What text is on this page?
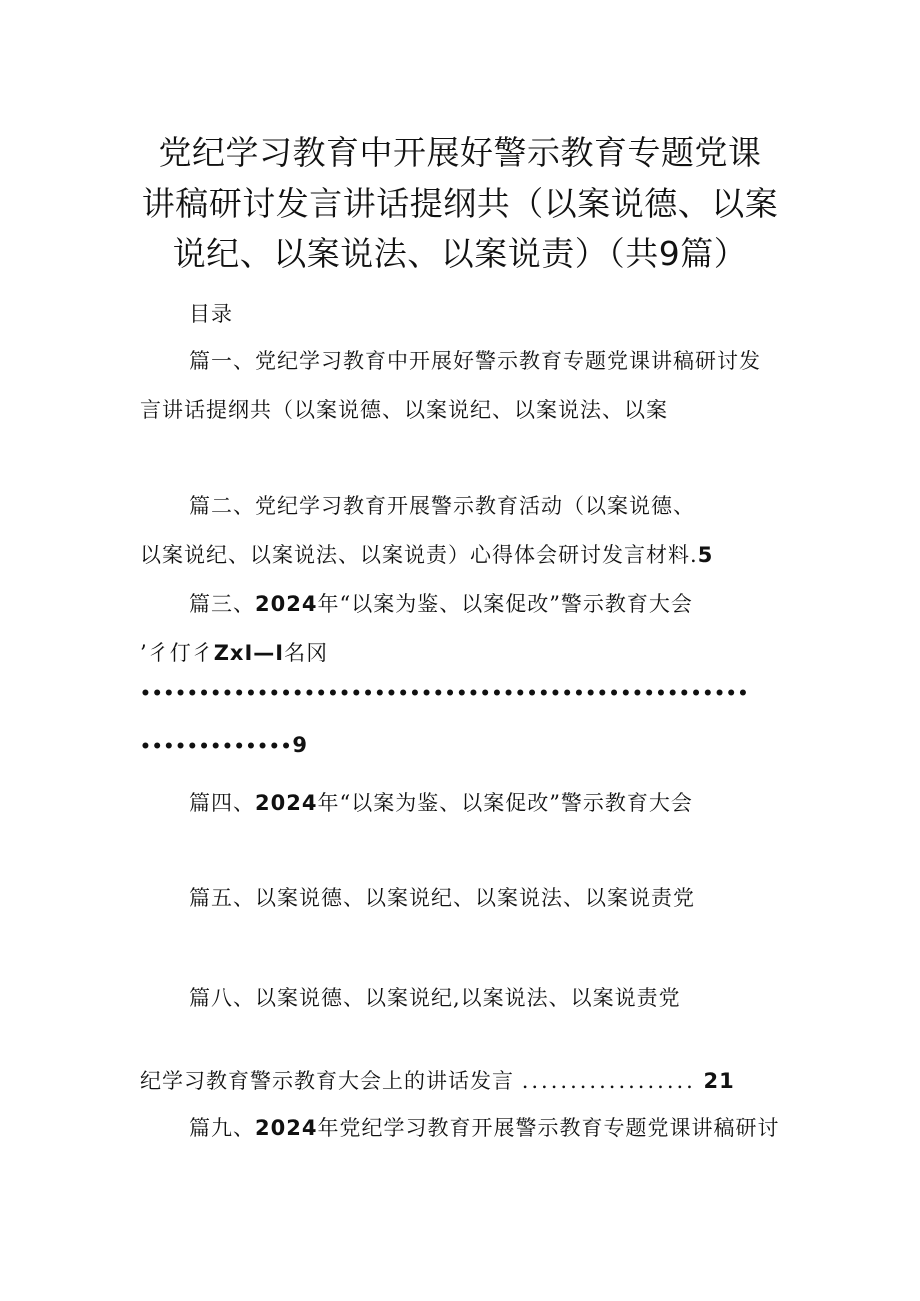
党纪学习教育中开展好警示教育专题党课
讲稿研讨发言讲话提纲共（以案说德、以案
说纪、以案说法、以案说责）（共9篇）
目录
篇一、党纪学习教育中开展好警示教育专题党课讲稿研讨发
言讲话提纲共（以案说德、以案说纪、以案说法、以案
篇二、党纪学习教育开展警示教育活动（以案说德、
以案说纪、以案说法、以案说责）心得体会研讨发言材料.5
篇三、2024年“以案为鉴、以案促改”警示教育大会
’彳仃彳ZxI—I名冈
••••••••••••••••••••••••••••••••••••••••••••••••••••
•••••••••••••9
篇四、2024年“以案为鉴、以案促改”警示教育大会
篇五、以案说德、以案说纪、以案说法、以案说责党
篇八、以案说德、以案说纪,以案说法、以案说责党
纪学习教育警示教育大会上的讲话发言 .................. 21
篇九、2024年党纪学习教育开展警示教育专题党课讲稿研讨
